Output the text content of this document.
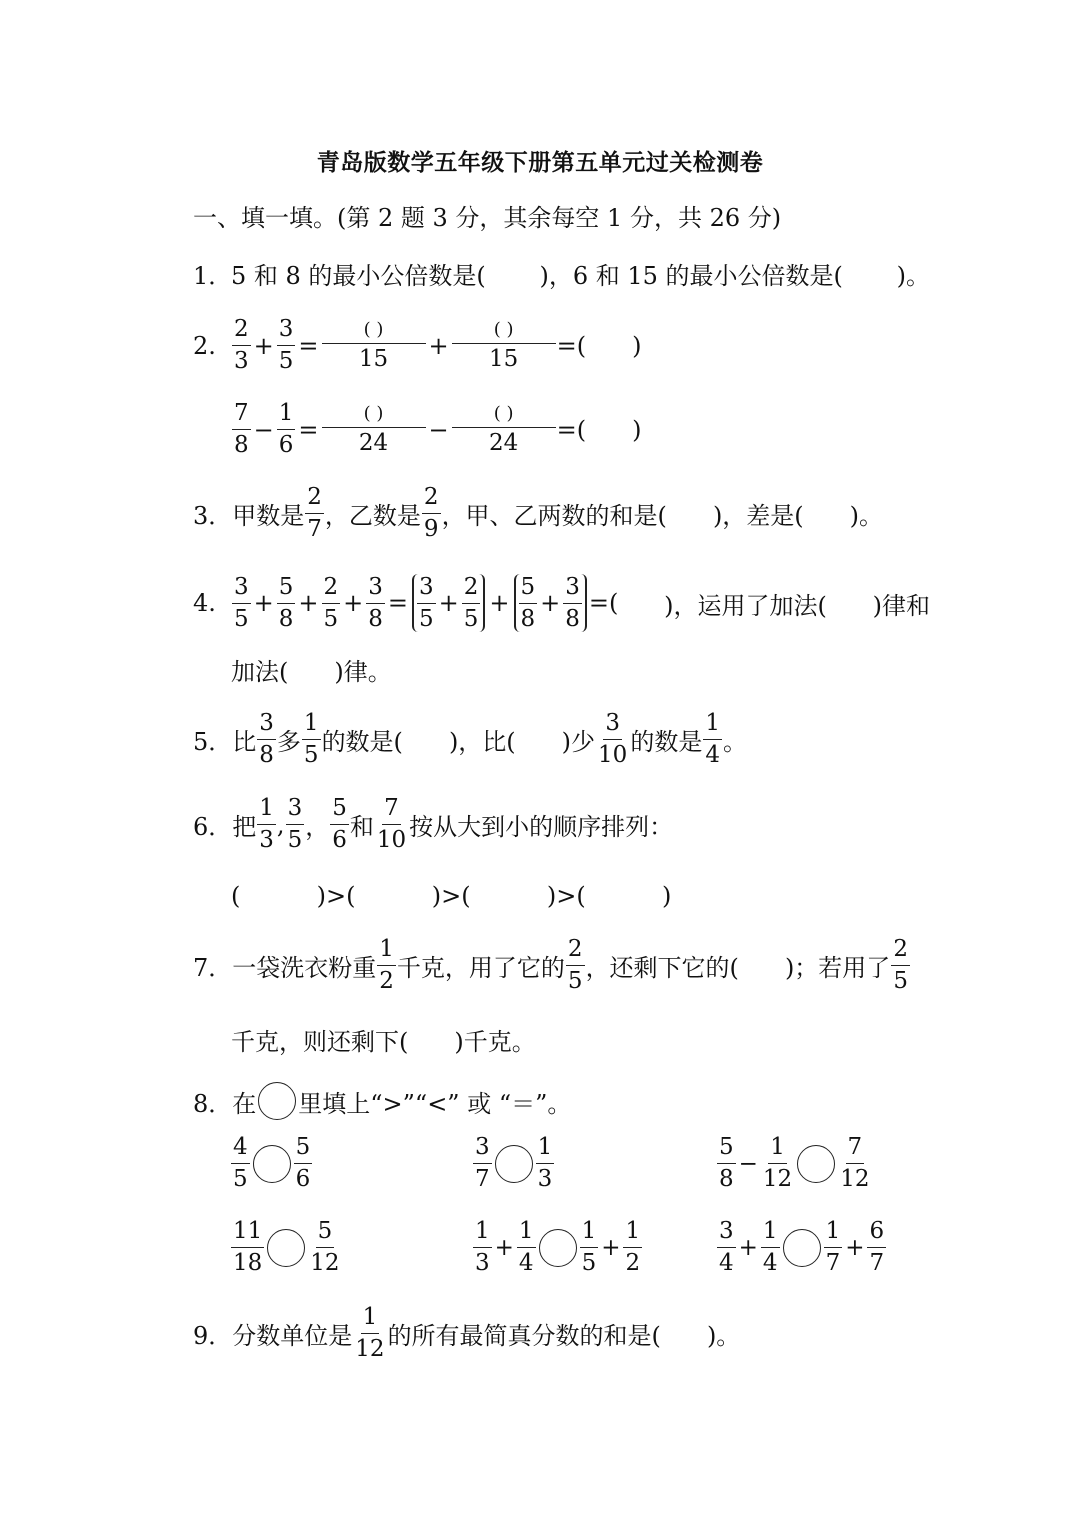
青岛版数学五年级下册第五单元过关检测卷
一、填一填。(第 2 题 3 分，其余每空 1 分，共 26 分)
1．
5 和 8 的最小公倍数是( )，6 和 15 的最小公倍数是( )。
2. $\frac{2}{3} + \frac{3}{5} = \frac{( )}{15} + \frac{( )}{15}$ =( )
$\frac{7}{8} - \frac{1}{6} = \frac{( )}{24} - \frac{( )}{24}$ =( )
3． 甲数是 $\frac{2}{7}$ ，乙数是 $\frac{2}{9}$ ，甲、乙两数的和是( )，差是( )。
4. $\frac{3}{5} + \frac{5}{8} + \frac{2}{5} + \frac{3}{8} = \frac{3}{5} + \frac{2}{5} + \frac{5}{8} + \frac{3}{8}$ =( )，运用了加法( )律和
加法( )律。
5． 比 $\frac{3}{8}$ 多 $\frac{1}{5}$ 的数是( )，比( )少 $\frac{3}{10}$ 的数是 $\frac{1}{4}$ 。
6． 把 $\frac{1}{3}$ , $\frac{3}{5}$ ， $\frac{5}{6}$ 和 $\frac{7}{10}$ 按从大到小的顺序排列：
(          )>(          )>(          )>(          )
7． 一袋洗衣粉重 $\frac{1}{2}$ 千克，用了它的 $\frac{2}{5}$ ，还剩下它的( )；若用了 $\frac{2}{5}$
千克，则还剩下( )千克。
8． 在 里填上“>”“<” 或 “＝”。
$\frac{4}{5} \frac{5}{6}$	$\frac{3}{7} \frac{1}{3}$	$\frac{5}{8} - \frac{1}{12} \frac{7}{12}$
$\frac{11}{18} \frac{5}{12}$	$\frac{1}{3} + \frac{1}{4} \frac{1}{5} + \frac{1}{2}$	$\frac{3}{4} + \frac{1}{4} \frac{1}{7} + \frac{6}{7}$
9． 分数单位是 $\frac{1}{12}$ 的所有最简真分数的和是( )。
